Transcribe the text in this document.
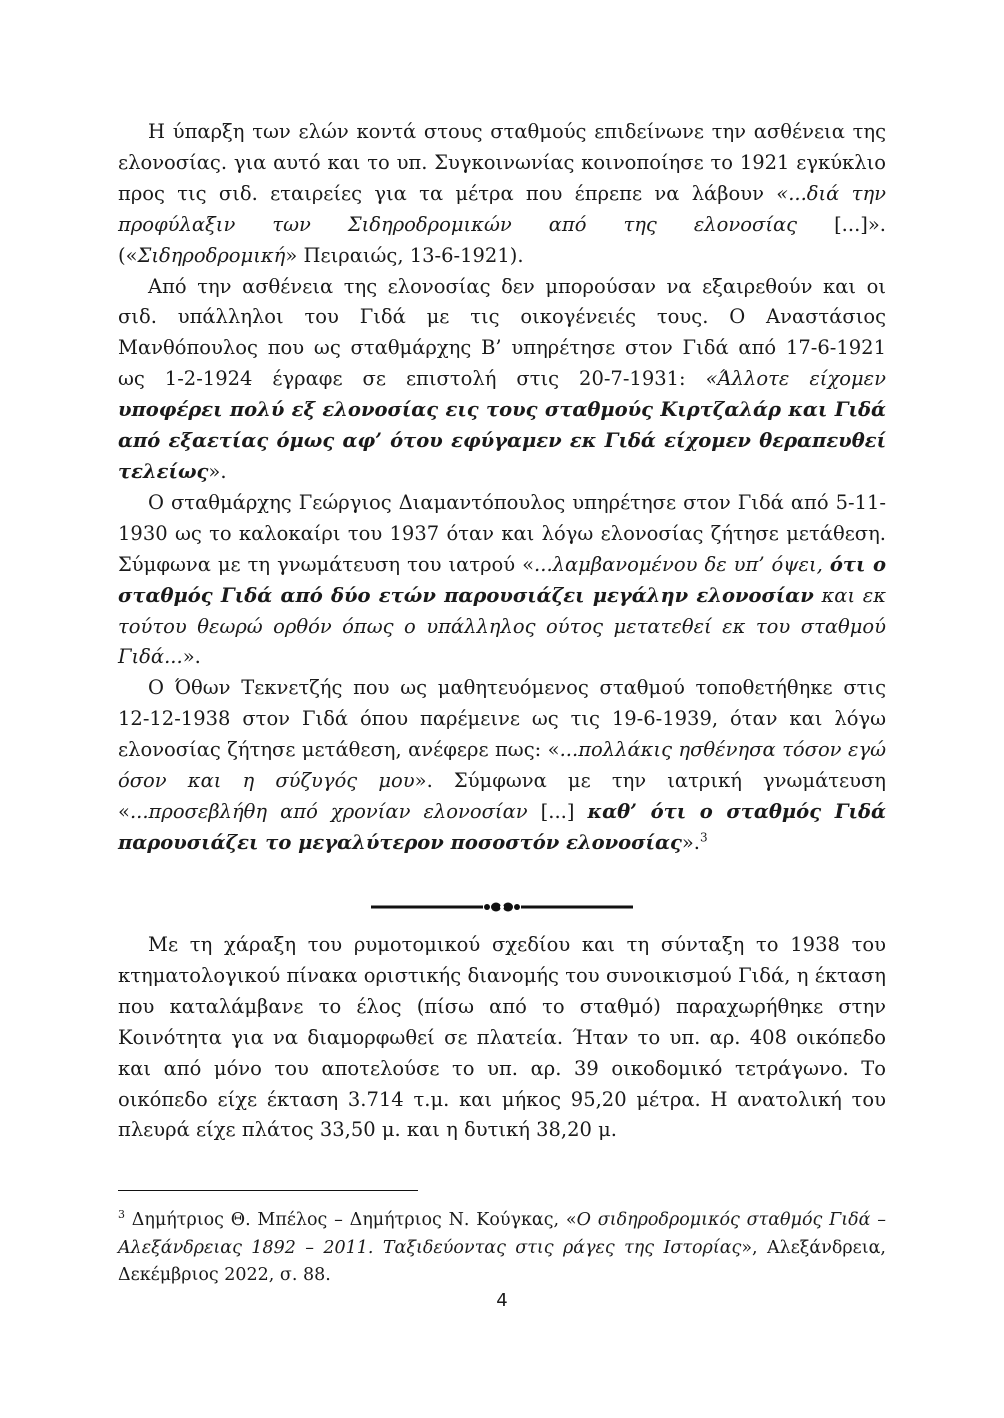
Η ύπαρξη των ελών κοντά στους σταθμούς επιδείνωνε την ασθένεια της ελονοσίας. για αυτό και το υπ. Συγκοινωνίας κοινοποίησε το 1921 εγκύκλιο προς τις σιδ. εταιρείες για τα μέτρα που έπρεπε να λάβουν «...διά την προφύλαξιν των Σιδηροδρομικών από της ελονοσίας [...]». («Σιδηροδρομική» Πειραιώς, 13-6-1921).

Από την ασθένεια της ελονοσίας δεν μπορούσαν να εξαιρεθούν και οι σιδ. υπάλληλοι του Γιδά με τις οικογένειές τους. Ο Αναστάσιος Μανθόπουλος που ως σταθμάρχης Β’ υπηρέτησε στον Γιδά από 17-6-1921 ως 1-2-1924 έγραφε σε επιστολή στις 20-7-1931: «Άλλοτε είχομεν υποφέρει πολύ εξ ελονοσίας εις τους σταθμούς Κιρτζαλάρ και Γιδά από εξαετίας όμως αφ’ ότου εφύγαμεν εκ Γιδά είχομεν θεραπευθεί τελείως».

Ο σταθμάρχης Γεώργιος Διαμαντόπουλος υπηρέτησε στον Γιδά από 5-11-1930 ως το καλοκαίρι του 1937 όταν και λόγω ελονοσίας ζήτησε μετάθεση. Σύμφωνα με τη γνωμάτευση του ιατρού «...λαμβανομένου δε υπ’ όψει, ότι ο σταθμός Γιδά από δύο ετών παρουσιάζει μεγάλην ελονοσίαν και εκ τούτου θεωρώ ορθόν όπως ο υπάλληλος ούτος μετατεθεί εκ του σταθμού Γιδά...».

Ο Όθων Τεκνετζής που ως μαθητευόμενος σταθμού τοποθετήθηκε στις 12-12-1938 στον Γιδά όπου παρέμεινε ως τις 19-6-1939, όταν και λόγω ελονοσίας ζήτησε μετάθεση, ανέφερε πως: «...πολλάκις ησθένησα τόσον εγώ όσον και η σύζυγός μου». Σύμφωνα με την ιατρική γνωμάτευση «...προσεβλήθη από χρονίαν ελονοσίαν [...] καθ’ ότι ο σταθμός Γιδά παρουσιάζει το μεγαλύτερον ποσοστόν ελονοσίας».$^3$

Με τη χάραξη του ρυμοτομικού σχεδίου και τη σύνταξη το 1938 του κτηματολογικού πίνακα οριστικής διανομής του συνοικισμού Γιδά, η έκταση που καταλάμβανε το έλος (πίσω από το σταθμό) παραχωρήθηκε στην Κοινότητα για να διαμορφωθεί σε πλατεία. Ήταν το υπ. αρ. 408 οικόπεδο και από μόνο του αποτελούσε το υπ. αρ. 39 οικοδομικό τετράγωνο. Το οικόπεδο είχε έκταση 3.714 τ.μ. και μήκος 95,20 μέτρα. Η ανατολική του πλευρά είχε πλάτος 33,50 μ. και η δυτική 38,20 μ.

$^3$ Δημήτριος Θ. Μπέλος – Δημήτριος Ν. Κούγκας, «Ο σιδηροδρομικός σταθμός Γιδά – Αλεξάνδρειας 1892 – 2011. Ταξιδεύοντας στις ράγες της Ιστορίας», Αλεξάνδρεια, Δεκέμβριος 2022, σ. 88.
4
